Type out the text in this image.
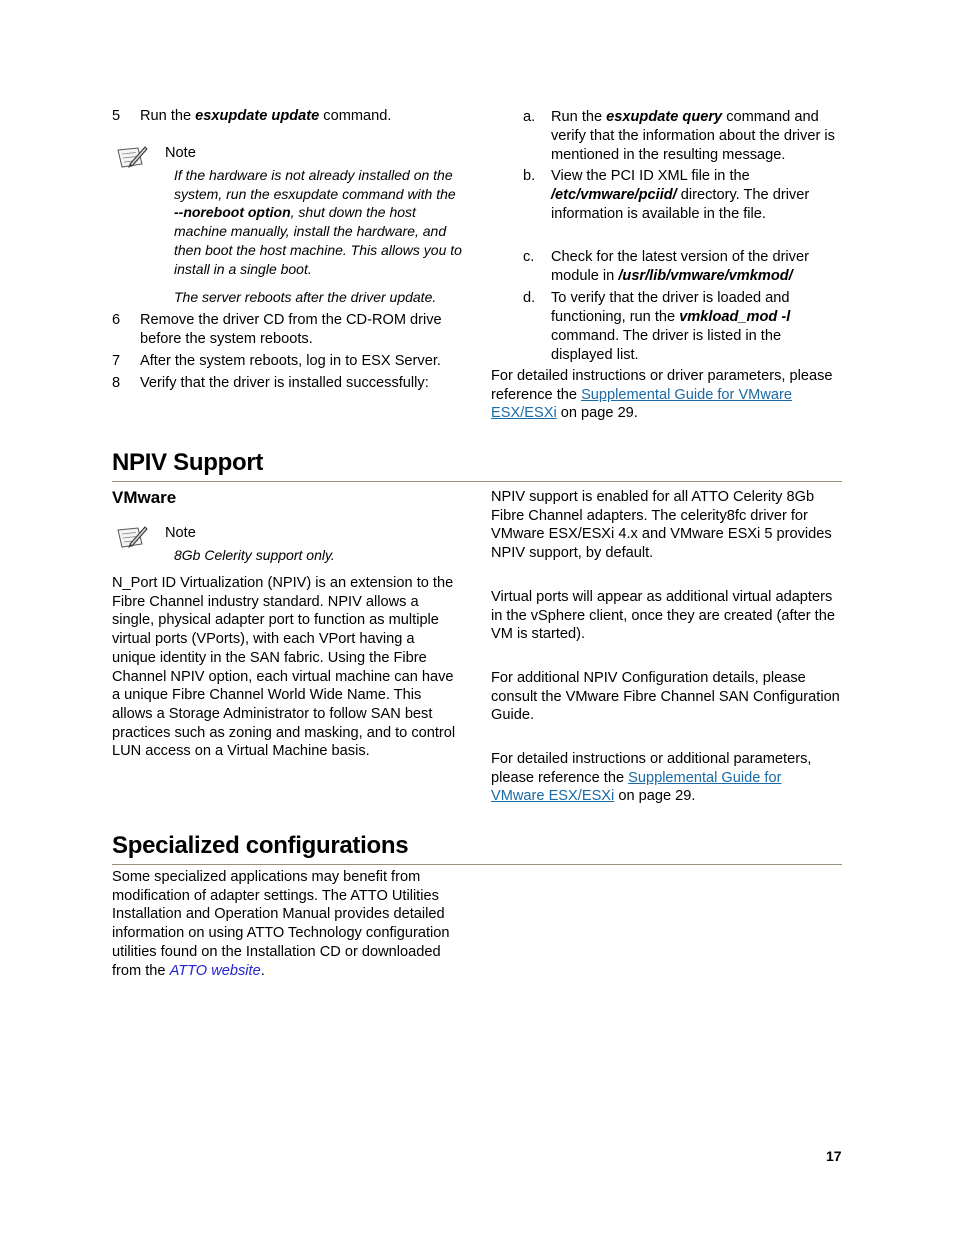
5	Run the esxupdate update command.
Note
If the hardware is not already installed on the system, run the esxupdate command with the --noreboot option, shut down the host machine manually, install the hardware, and then boot the host machine. This allows you to install in a single boot.
The server reboots after the driver update.
6	Remove the driver CD from the CD-ROM drive before the system reboots.
7	After the system reboots, log in to ESX Server.
8	Verify that the driver is installed successfully:
a.	Run the esxupdate query command and verify that the information about the driver is mentioned in the resulting message.
b.	View the PCI ID XML file in the /etc/vmware/pciid/ directory. The driver information is available in the file.
c.	Check for the latest version of the driver module in /usr/lib/vmware/vmkmod/
d.	To verify that the driver is loaded and functioning, run the vmkload_mod -l command. The driver is listed in the displayed list.
For detailed instructions or driver parameters, please reference the Supplemental Guide for VMware ESX/ESXi on page 29.
NPIV Support
VMware
Note
8Gb Celerity support only.
N_Port ID Virtualization (NPIV) is an extension to the Fibre Channel industry standard. NPIV allows a single, physical adapter port to function as multiple virtual ports (VPorts), with each VPort having a unique identity in the SAN fabric. Using the Fibre Channel NPIV option, each virtual machine can have a unique Fibre Channel World Wide Name. This allows a Storage Administrator to follow SAN best practices such as zoning and masking, and to control LUN access on a Virtual Machine basis.
NPIV support is enabled for all ATTO Celerity 8Gb Fibre Channel adapters. The celerity8fc driver for VMware ESX/ESXi 4.x and VMware ESXi 5 provides NPIV support, by default.
Virtual ports will appear as additional virtual adapters in the vSphere client, once they are created (after the VM is started).
For additional NPIV Configuration details, please consult the VMware Fibre Channel SAN Configuration Guide.
For detailed instructions or additional parameters, please reference the Supplemental Guide for VMware ESX/ESXi on page 29.
Specialized configurations
Some specialized applications may benefit from modification of adapter settings. The ATTO Utilities Installation and Operation Manual provides detailed information on using ATTO Technology configuration utilities found on the Installation CD or downloaded from the ATTO website.
17
